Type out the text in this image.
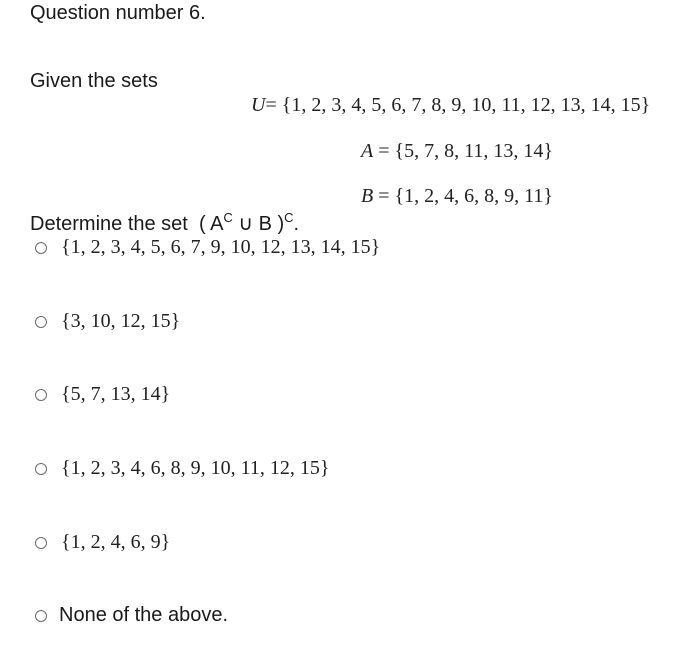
Question number 6.
Given the sets
U= {1, 2, 3, 4, 5, 6, 7, 8, 9, 10, 11, 12, 13, 14, 15}
A = {5, 7, 8, 11, 13, 14}
B = {1, 2, 4, 6, 8, 9, 11}
Determine the set  ( $A^C$ ∪ B )$^C$.
{1, 2, 3, 4, 5, 6, 7, 9, 10, 12, 13, 14, 15}
{3, 10, 12, 15}
{5, 7, 13, 14}
{1, 2, 3, 4, 6, 8, 9, 10, 11, 12, 15}
{1, 2, 4, 6, 9}
None of the above.
